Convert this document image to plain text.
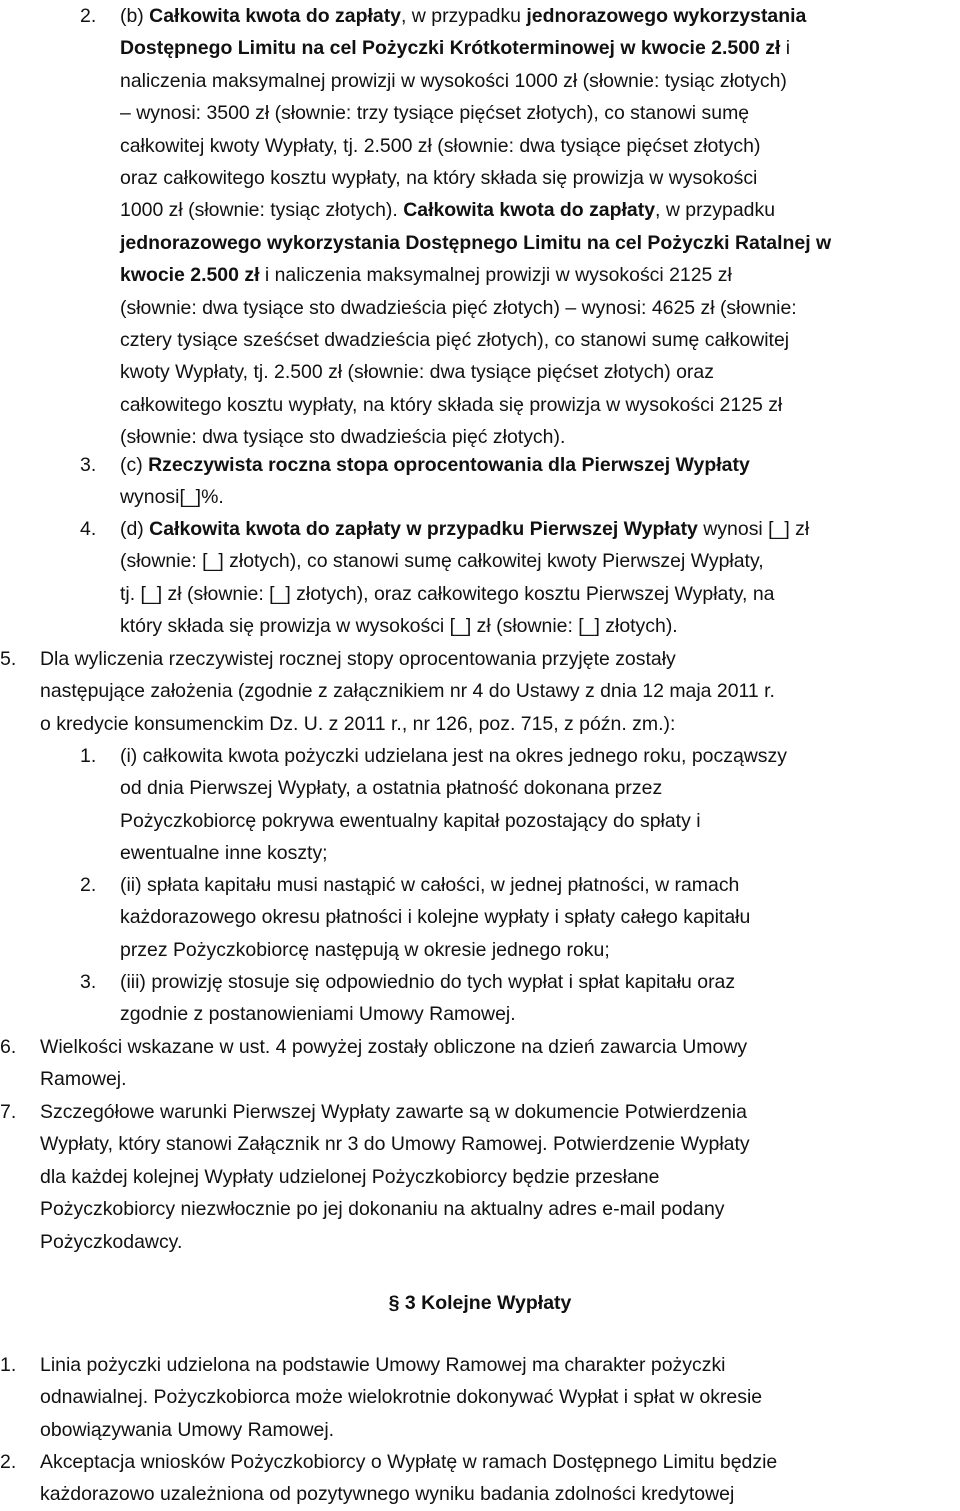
2. (b) Całkowita kwota do zapłaty, w przypadku jednorazowego wykorzystania
Dostępnego Limitu na cel Pożyczki Krótkoterminowej w kwocie 2.500 zł i
naliczenia maksymalnej prowizji w wysokości 1000 zł (słownie: tysiąc złotych)
– wynosi: 3500 zł (słownie: trzy tysiące pięćset złotych), co stanowi sumę
całkowitej kwoty Wypłaty, tj. 2.500 zł (słownie: dwa tysiące pięćset złotych)
oraz całkowitego kosztu wypłaty, na który składa się prowizja w wysokości
1000 zł (słownie: tysiąc złotych). Całkowita kwota do zapłaty, w przypadku
jednorazowego wykorzystania Dostępnego Limitu na cel Pożyczki Ratalnej w
kwocie 2.500 zł i naliczenia maksymalnej prowizji w wysokości 2125 zł
(słownie: dwa tysiące sto dwadzieścia pięć złotych) – wynosi: 4625 zł (słownie:
cztery tysiące sześćset dwadzieścia pięć złotych), co stanowi sumę całkowitej
kwoty Wypłaty, tj. 2.500 zł (słownie: dwa tysiące pięćset złotych) oraz
całkowitego kosztu wypłaty, na który składa się prowizja w wysokości 2125 zł
(słownie: dwa tysiące sto dwadzieścia pięć złotych).
3. (c) Rzeczywista roczna stopa oprocentowania dla Pierwszej Wypłaty
wynosi[_]%.
4. (d) Całkowita kwota do zapłaty w przypadku Pierwszej Wypłaty wynosi [_] zł
(słownie: [_] złotych), co stanowi sumę całkowitej kwoty Pierwszej Wypłaty,
tj. [_] zł (słownie: [_] złotych), oraz całkowitego kosztu Pierwszej Wypłaty, na
który składa się prowizja w wysokości [_] zł (słownie: [_] złotych).
5. Dla wyliczenia rzeczywistej rocznej stopy oprocentowania przyjęte zostały
następujące założenia (zgodnie z załącznikiem nr 4 do Ustawy z dnia 12 maja 2011 r.
o kredycie konsumenckim Dz. U. z 2011 r., nr 126, poz. 715, z późn. zm.):
1. (i) całkowita kwota pożyczki udzielana jest na okres jednego roku, począwszy
od dnia Pierwszej Wypłaty, a ostatnia płatność dokonana przez
Pożyczkobiorcę pokrywa ewentualny kapitał pozostający do spłaty i
ewentualne inne koszty;
2. (ii) spłata kapitału musi nastąpić w całości, w jednej płatności, w ramach
każdorazowego okresu płatności i kolejne wypłaty i spłaty całego kapitału
przez Pożyczkobiorcę następują w okresie jednego roku;
3. (iii) prowizję stosuje się odpowiednio do tych wypłat i spłat kapitału oraz
zgodnie z postanowieniami Umowy Ramowej.
6. Wielkości wskazane w ust. 4 powyżej zostały obliczone na dzień zawarcia Umowy
Ramowej.
7. Szczegółowe warunki Pierwszej Wypłaty zawarte są w dokumencie Potwierdzenia
Wypłaty, który stanowi Załącznik nr 3 do Umowy Ramowej. Potwierdzenie Wypłaty
dla każdej kolejnej Wypłaty udzielonej Pożyczkobiorcy będzie przesłane
Pożyczkobiorcy niezwłocznie po jej dokonaniu na aktualny adres e-mail podany
Pożyczkodawcy.
§ 3 Kolejne Wypłaty
1. Linia pożyczki udzielona na podstawie Umowy Ramowej ma charakter pożyczki
odnawialnej. Pożyczkobiorca może wielokrotnie dokonywać Wypłat i spłat w okresie
obowiązywania Umowy Ramowej.
2. Akceptacja wniosków Pożyczkobiorcy o Wypłatę w ramach Dostępnego Limitu będzie
każdorazowo uzależniona od pozytywnego wyniku badania zdolności kredytowej
